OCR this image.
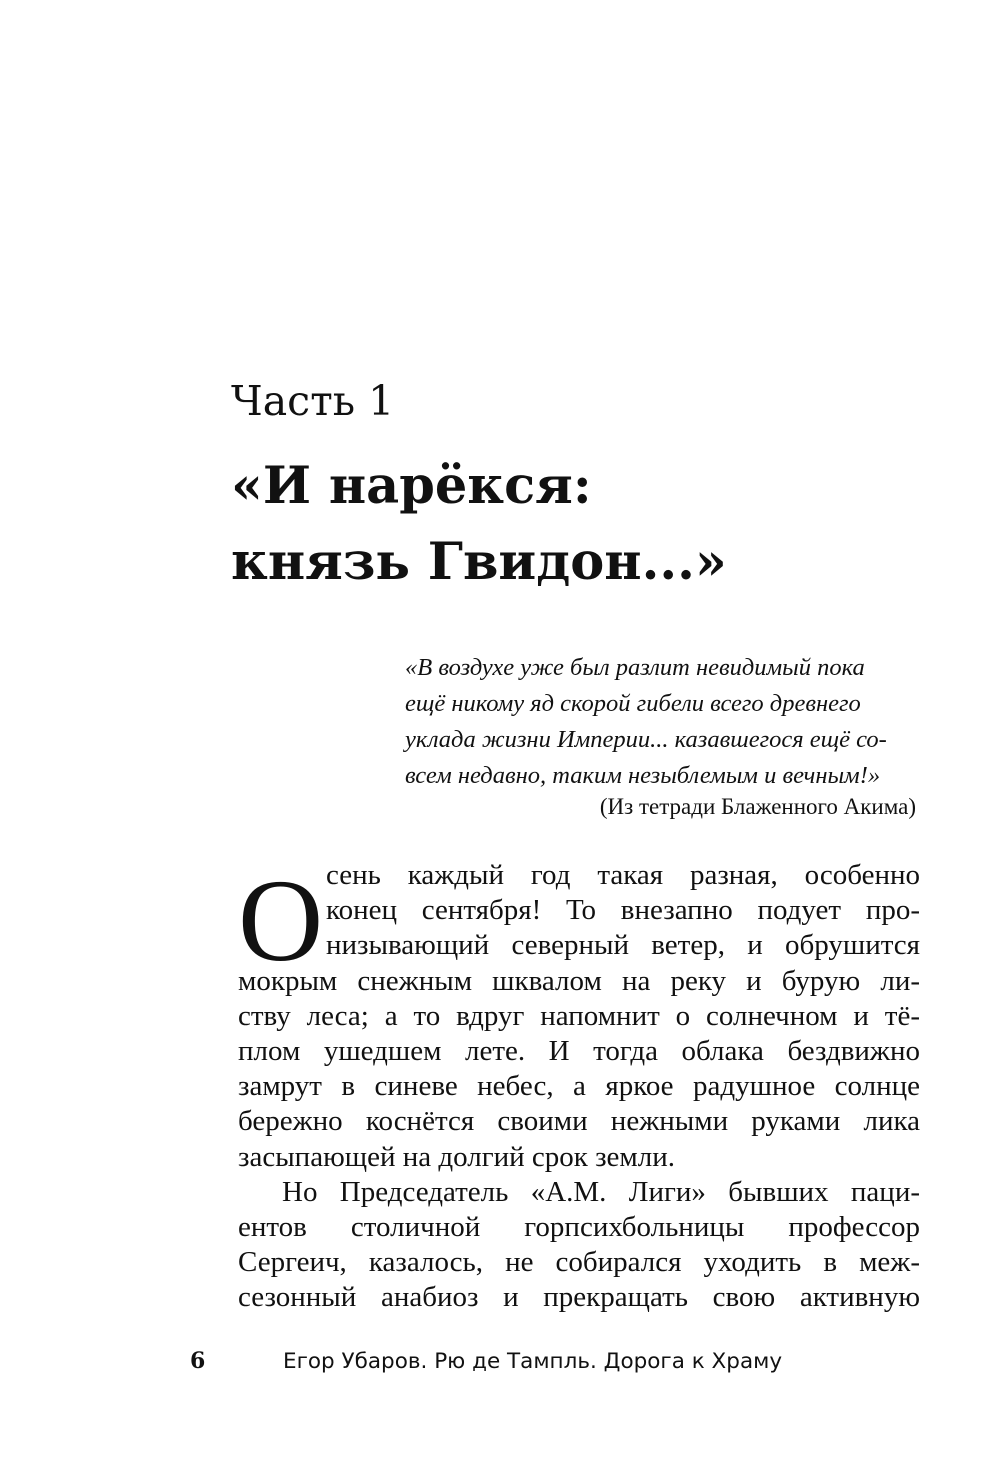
Часть 1
«И нарёкся:
князь Гвидон...»
«В воздухе уже был разлит невидимый пока
ещё никому яд скорой гибели всего древнего
уклада жизни Империи... казавшегося ещё со-
всем недавно, таким незыблемым и вечным!»
(Из тетради Блаженного Акима)
О сень каждый год такая разная, особенно
конец сентября! То внезапно подует про-
низывающий северный ветер, и обрушится
мокрым снежным шквалом на реку и бурую ли-
ству леса; а то вдруг напомнит о солнечном и тё-
плом ушедшем лете. И тогда облака бездвижно
замрут в синеве небес, а яркое радушное солнце
бережно коснётся своими нежными руками лика
засыпающей на долгий срок земли.
Но Председатель «А.М. Лиги» бывших паци-
ентов столичной горпсихбольницы профессор
Сергеич, казалось, не собирался уходить в меж-
сезонный анабиоз и прекращать свою активную
6	Егор Убаров. Рю де Тампль. Дорога к Храму
